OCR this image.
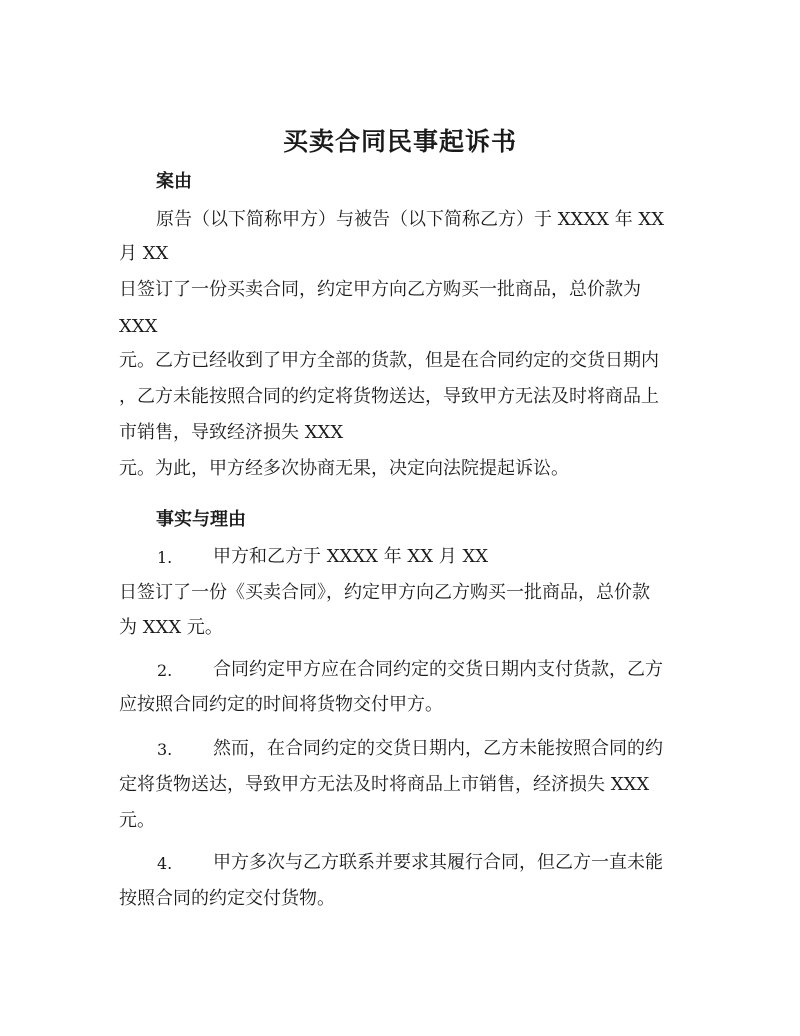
买卖合同民事起诉书
案由
原告（以下简称甲方）与被告（以下简称乙方）于 XXXX 年 XX
月 XX
日签订了一份买卖合同，约定甲方向乙方购买一批商品，总价款为
XXX
元。乙方已经收到了甲方全部的货款，但是在合同约定的交货日期内
，乙方未能按照合同的约定将货物送达，导致甲方无法及时将商品上
市销售，导致经济损失 XXX
元。为此，甲方经多次协商无果，决定向法院提起诉讼。
事实与理由
1. 甲方和乙方于 XXXX 年 XX 月 XX
日签订了一份《买卖合同》，约定甲方向乙方购买一批商品，总价款
为 XXX 元。
2. 合同约定甲方应在合同约定的交货日期内支付货款，乙方
应按照合同约定的时间将货物交付甲方。
3. 然而，在合同约定的交货日期内，乙方未能按照合同的约
定将货物送达，导致甲方无法及时将商品上市销售，经济损失 XXX
元。
4. 甲方多次与乙方联系并要求其履行合同，但乙方一直未能
按照合同的约定交付货物。
